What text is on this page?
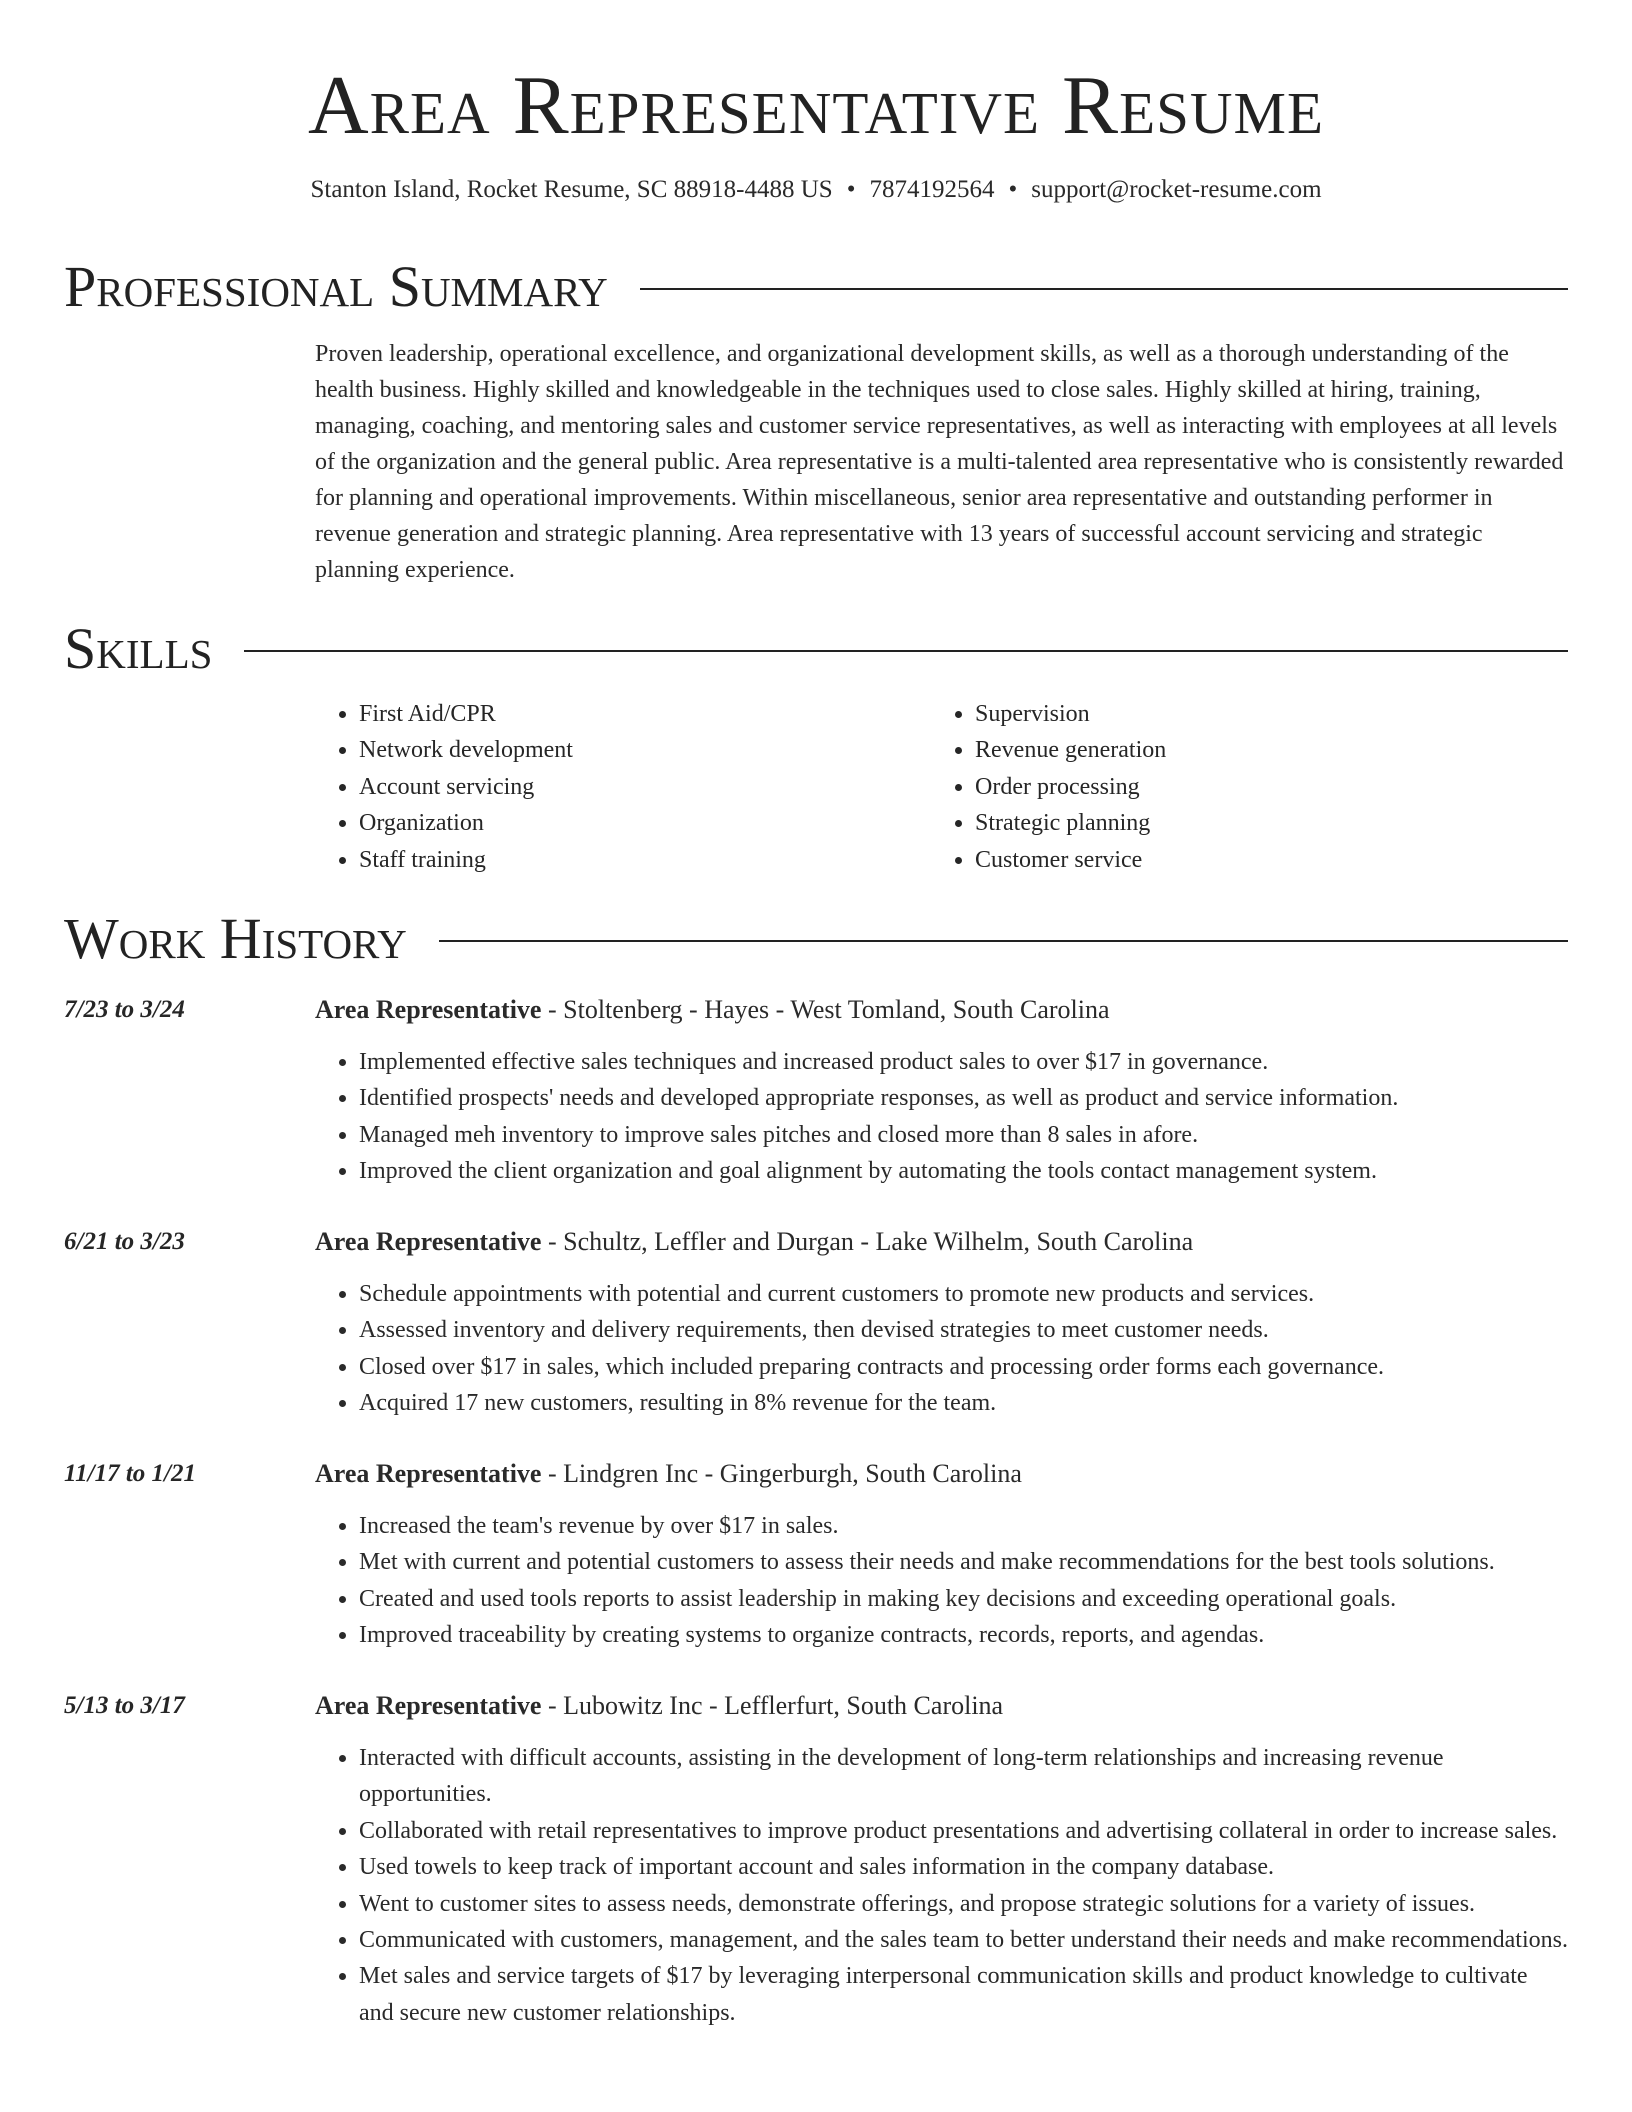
Area Representative Resume
Stanton Island, Rocket Resume, SC 88918-4488 US • 7874192564 • support@rocket-resume.com
Professional Summary

Proven leadership, operational excellence, and organizational development skills, as well as a thorough understanding of the health business. Highly skilled and knowledgeable in the techniques used to close sales. Highly skilled at hiring, training, managing, coaching, and mentoring sales and customer service representatives, as well as interacting with employees at all levels of the organization and the general public. Area representative is a multi-talented area representative who is consistently rewarded for planning and operational improvements. Within miscellaneous, senior area representative and outstanding performer in revenue generation and strategic planning. Area representative with 13 years of successful account servicing and strategic planning experience.

Skills
• First Aid/CPR
• Network development
• Account servicing
• Organization
• Staff training
• Supervision
• Revenue generation
• Order processing
• Strategic planning
• Customer service
Work History
7/23 to 3/24	Area Representative - Stoltenberg - Hayes - West Tomland, South Carolina
• Implemented effective sales techniques and increased product sales to over $17 in governance.
• Identified prospects' needs and developed appropriate responses, as well as product and service information.
• Managed meh inventory to improve sales pitches and closed more than 8 sales in afore.
• Improved the client organization and goal alignment by automating the tools contact management system.
6/21 to 3/23	Area Representative - Schultz, Leffler and Durgan - Lake Wilhelm, South Carolina
• Schedule appointments with potential and current customers to promote new products and services.
• Assessed inventory and delivery requirements, then devised strategies to meet customer needs.
• Closed over $17 in sales, which included preparing contracts and processing order forms each governance.
• Acquired 17 new customers, resulting in 8% revenue for the team.
11/17 to 1/21	Area Representative - Lindgren Inc - Gingerburgh, South Carolina
• Increased the team's revenue by over $17 in sales.
• Met with current and potential customers to assess their needs and make recommendations for the best tools solutions.
• Created and used tools reports to assist leadership in making key decisions and exceeding operational goals.
• Improved traceability by creating systems to organize contracts, records, reports, and agendas.
5/13 to 3/17	Area Representative - Lubowitz Inc - Lefflerfurt, South Carolina
• Interacted with difficult accounts, assisting in the development of long-term relationships and increasing revenue opportunities.
• Collaborated with retail representatives to improve product presentations and advertising collateral in order to increase sales.
• Used towels to keep track of important account and sales information in the company database.
• Went to customer sites to assess needs, demonstrate offerings, and propose strategic solutions for a variety of issues.
• Communicated with customers, management, and the sales team to better understand their needs and make recommendations.
• Met sales and service targets of $17 by leveraging interpersonal communication skills and product knowledge to cultivate and secure new customer relationships.
